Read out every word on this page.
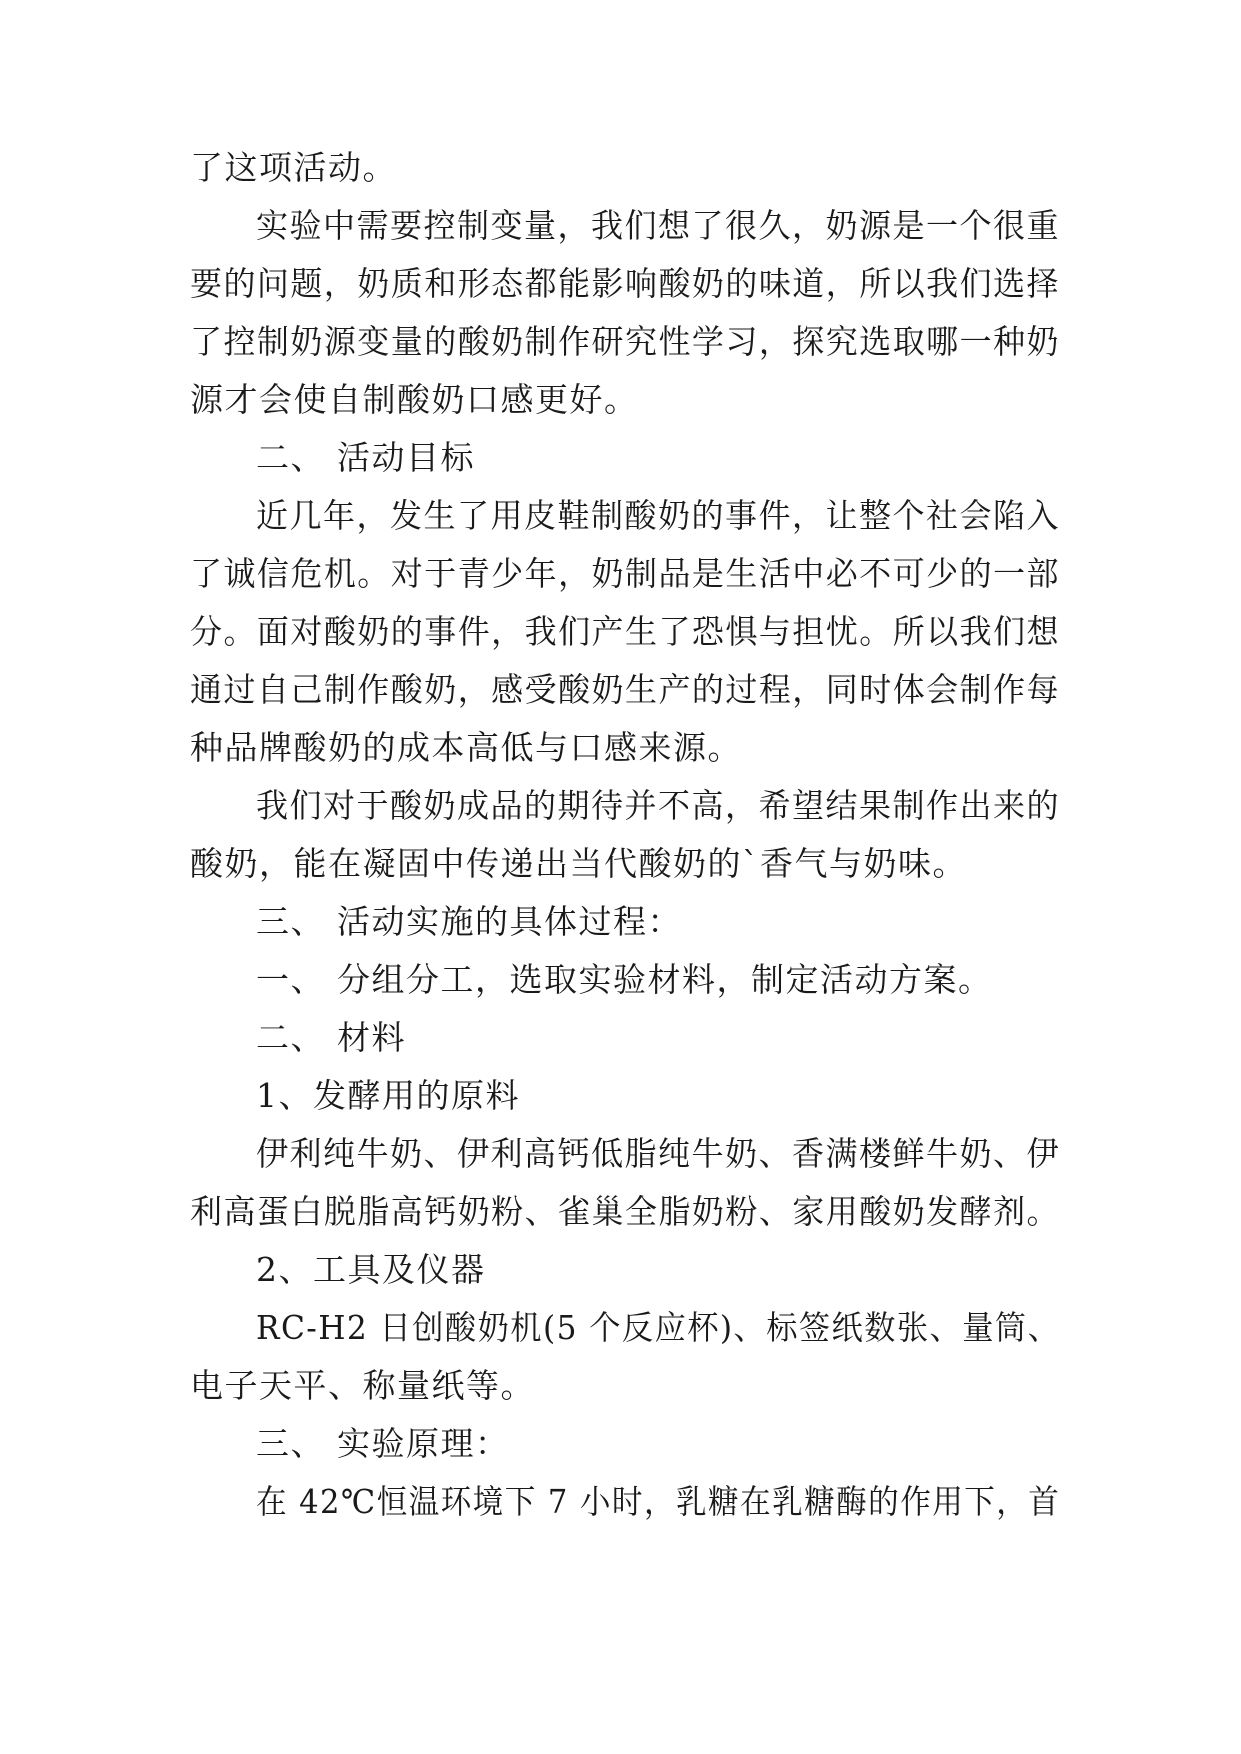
了这项活动。
实验中需要控制变量，我们想了很久，奶源是一个很重
要的问题，奶质和形态都能影响酸奶的味道，所以我们选择
了控制奶源变量的酸奶制作研究性学习，探究选取哪一种奶
源才会使自制酸奶口感更好。
二、 活动目标
近几年，发生了用皮鞋制酸奶的事件，让整个社会陷入
了诚信危机。对于青少年，奶制品是生活中必不可少的一部
分。面对酸奶的事件，我们产生了恐惧与担忧。所以我们想
通过自己制作酸奶，感受酸奶生产的过程，同时体会制作每
种品牌酸奶的成本高低与口感来源。
我们对于酸奶成品的期待并不高，希望结果制作出来的
酸奶，能在凝固中传递出当代酸奶的`香气与奶味。
三、 活动实施的具体过程：
一、 分组分工，选取实验材料，制定活动方案。
二、 材料
1、发酵用的原料
伊利纯牛奶、伊利高钙低脂纯牛奶、香满楼鲜牛奶、伊
利高蛋白脱脂高钙奶粉、雀巢全脂奶粉、家用酸奶发酵剂。
2、工具及仪器
RC-H2 日创酸奶机(5 个反应杯)、标签纸数张、量筒、
电子天平、称量纸等。
三、 实验原理：
在 42℃恒温环境下 7 小时，乳糖在乳糖酶的作用下，首
